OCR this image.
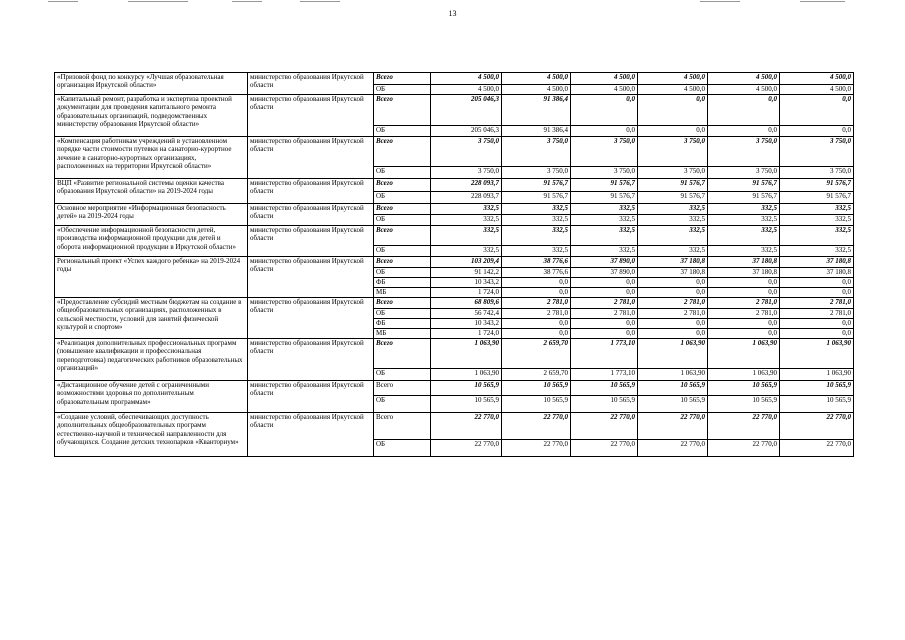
13
«Призовой фонд по конкурсу «Лучшая образовательная организация Иркутской области»	министерство образования Иркутской области	Всего	4 500,0	4 500,0	4 500,0	4 500,0	4 500,0	4 500,0
		ОБ	4 500,0	4 500,0	4 500,0	4 500,0	4 500,0	4 500,0
«Капитальный ремонт, разработка и экспертиза проектной документации для проведения капитального ремонта образовательных организаций, подведомственных министерству образования Иркутской области»	министерство образования Иркутской области	Всего	205 046,3	91 386,4	0,0	0,0	0,0	0,0
		ОБ	205 046,3	91 386,4	0,0	0,0	0,0	0,0
«Компенсация работникам учреждений в установленном порядке части стоимости путевки на санаторно-курортное лечение в санаторно-курортных организациях, расположенных на территории Иркутской области»	министерство образования Иркутской области	Всего	3 750,0	3 750,0	3 750,0	3 750,0	3 750,0	3 750,0
		ОБ	3 750,0	3 750,0	3 750,0	3 750,0	3 750,0	3 750,0
ВЦП «Развитие региональной системы оценки качества образования Иркутской области» на 2019-2024 годы	министерство образования Иркутской области	Всего	228 093,7	91 576,7	91 576,7	91 576,7	91 576,7	91 576,7
		ОБ	228 093,7	91 576,7	91 576,7	91 576,7	91 576,7	91 576,7
Основное мероприятие «Информационная безопасность детей» на 2019-2024 годы	министерство образования Иркутской области	Всего	332,5	332,5	332,5	332,5	332,5	332,5
		ОБ	332,5	332,5	332,5	332,5	332,5	332,5
«Обеспечение информационной безопасности детей, производства информационной продукции для детей и оборота информационной продукции в Иркутской области»	министерство образования Иркутской области	Всего	332,5	332,5	332,5	332,5	332,5	332,5
		ОБ	332,5	332,5	332,5	332,5	332,5	332,5
Региональный проект «Успех каждого ребенка» на 2019-2024 годы	министерство образования Иркутской области	Всего	103 209,4	38 776,6	37 890,0	37 180,8	37 180,8	37 180,8
		ОБ	91 142,2	38 776,6	37 890,0	37 180,8	37 180,8	37 180,8
		ФБ	10 343,2	0,0	0,0	0,0	0,0	0,0
		МБ	1 724,0	0,0	0,0	0,0	0,0	0,0
«Предоставление субсидий местным бюджетам на создание в общеобразовательных организациях, расположенных в сельской местности, условий для занятий физической культурой и спортом»	министерство образования Иркутской области	Всего	68 809,6	2 781,0	2 781,0	2 781,0	2 781,0	2 781,0
		ОБ	56 742,4	2 781,0	2 781,0	2 781,0	2 781,0	2 781,0
		ФБ	10 343,2	0,0	0,0	0,0	0,0	0,0
		МБ	1 724,0	0,0	0,0	0,0	0,0	0,0
«Реализация дополнительных профессиональных программ (повышение квалификации и профессиональная переподготовка) педагогических работников образовательных организаций»	министерство образования Иркутской области	Всего	1 063,90	2 659,70	1 773,10	1 063,90	1 063,90	1 063,90
		ОБ	1 063,90	2 659,70	1 773,10	1 063,90	1 063,90	1 063,90
«Дистанционное обучение детей с ограниченными возможностями здоровья по дополнительным образовательным программам»	министерство образования Иркутской области	Всего	10 565,9	10 565,9	10 565,9	10 565,9	10 565,9	10 565,9
		ОБ	10 565,9	10 565,9	10 565,9	10 565,9	10 565,9	10 565,9
«Создание условий, обеспечивающих доступность дополнительных общеобразовательных программ естественно-научной и технической направленности для обучающихся. Создание детских технопарков «Кванториум»	министерство образования Иркутской области	Всего	22 770,0	22 770,0	22 770,0	22 770,0	22 770,0	22 770,0
		ОБ	22 770,0	22 770,0	22 770,0	22 770,0	22 770,0	22 770,0
